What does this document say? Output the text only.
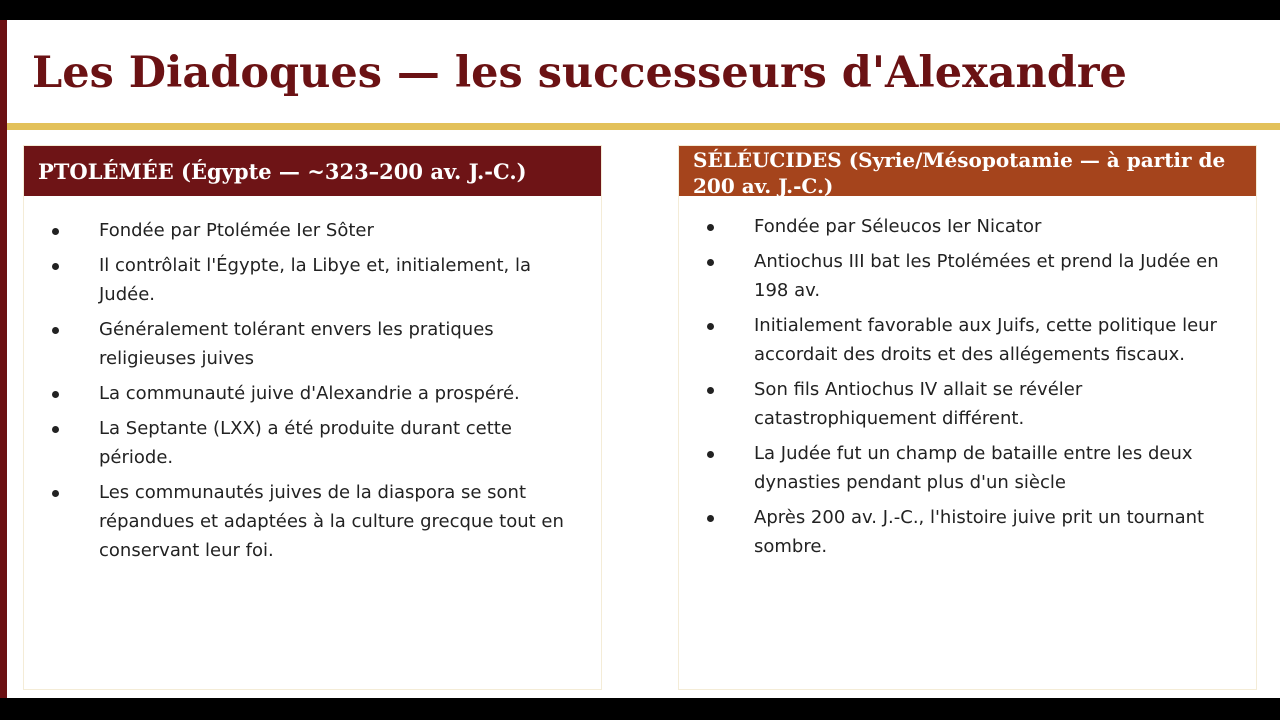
Les Diadoques — les successeurs d'Alexandre
PTOLÉMÉE (Égypte — ~323–200 av. J.-C.)
Fondée par Ptolémée Ier Sôter
Il contrôlait l'Égypte, la Libye et, initialement, la Judée.
Généralement tolérant envers les pratiques religieuses juives
La communauté juive d'Alexandrie a prospéré.
La Septante (LXX) a été produite durant cette période.
Les communautés juives de la diaspora se sont répandues et adaptées à la culture grecque tout en conservant leur foi.
SÉLÉUCIDES (Syrie/Mésopotamie — à partir de 200 av. J.-C.)
Fondée par Séleucos Ier Nicator
Antiochus III bat les Ptolémées et prend la Judée en 198 av.
Initialement favorable aux Juifs, cette politique leur accordait des droits et des allégements fiscaux.
Son fils Antiochus IV allait se révéler catastrophiquement différent.
La Judée fut un champ de bataille entre les deux dynasties pendant plus d'un siècle
Après 200 av. J.-C., l'histoire juive prit un tournant sombre.
